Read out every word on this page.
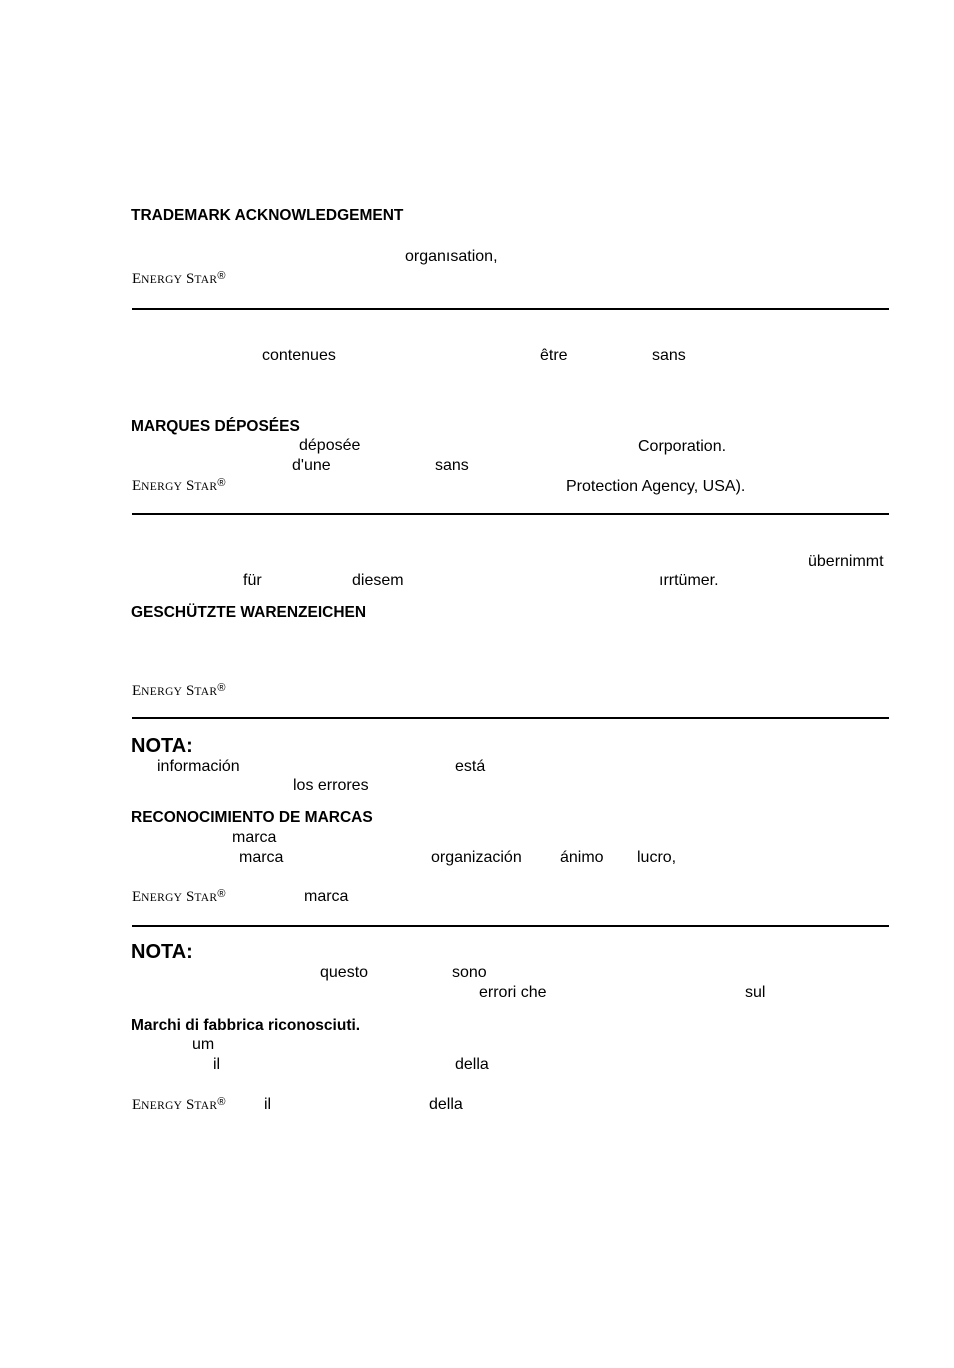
TRADEMARK ACKNOWLEDGEMENT
organısation,
ENERGY STAR®
contenues	être	sans
MARQUES DÉPOSÉES
déposée	Corporation.
d'une	sans
ENERGY STAR®	Protection Agency, USA).
übernimmt
für	diesem	ırrtümer.
GESCHÜTZTE WARENZEICHEN
ENERGY STAR®
NOTA:
información	está
los errores
RECONOCIMIENTO DE MARCAS
marca
marca	organización ánimo lucro,
ENERGY STAR®	marca
NOTA:
questo	sono
errori che	sul
Marchi di fabbrica riconosciuti.
um
il	della
ENERGY STAR® il	della
